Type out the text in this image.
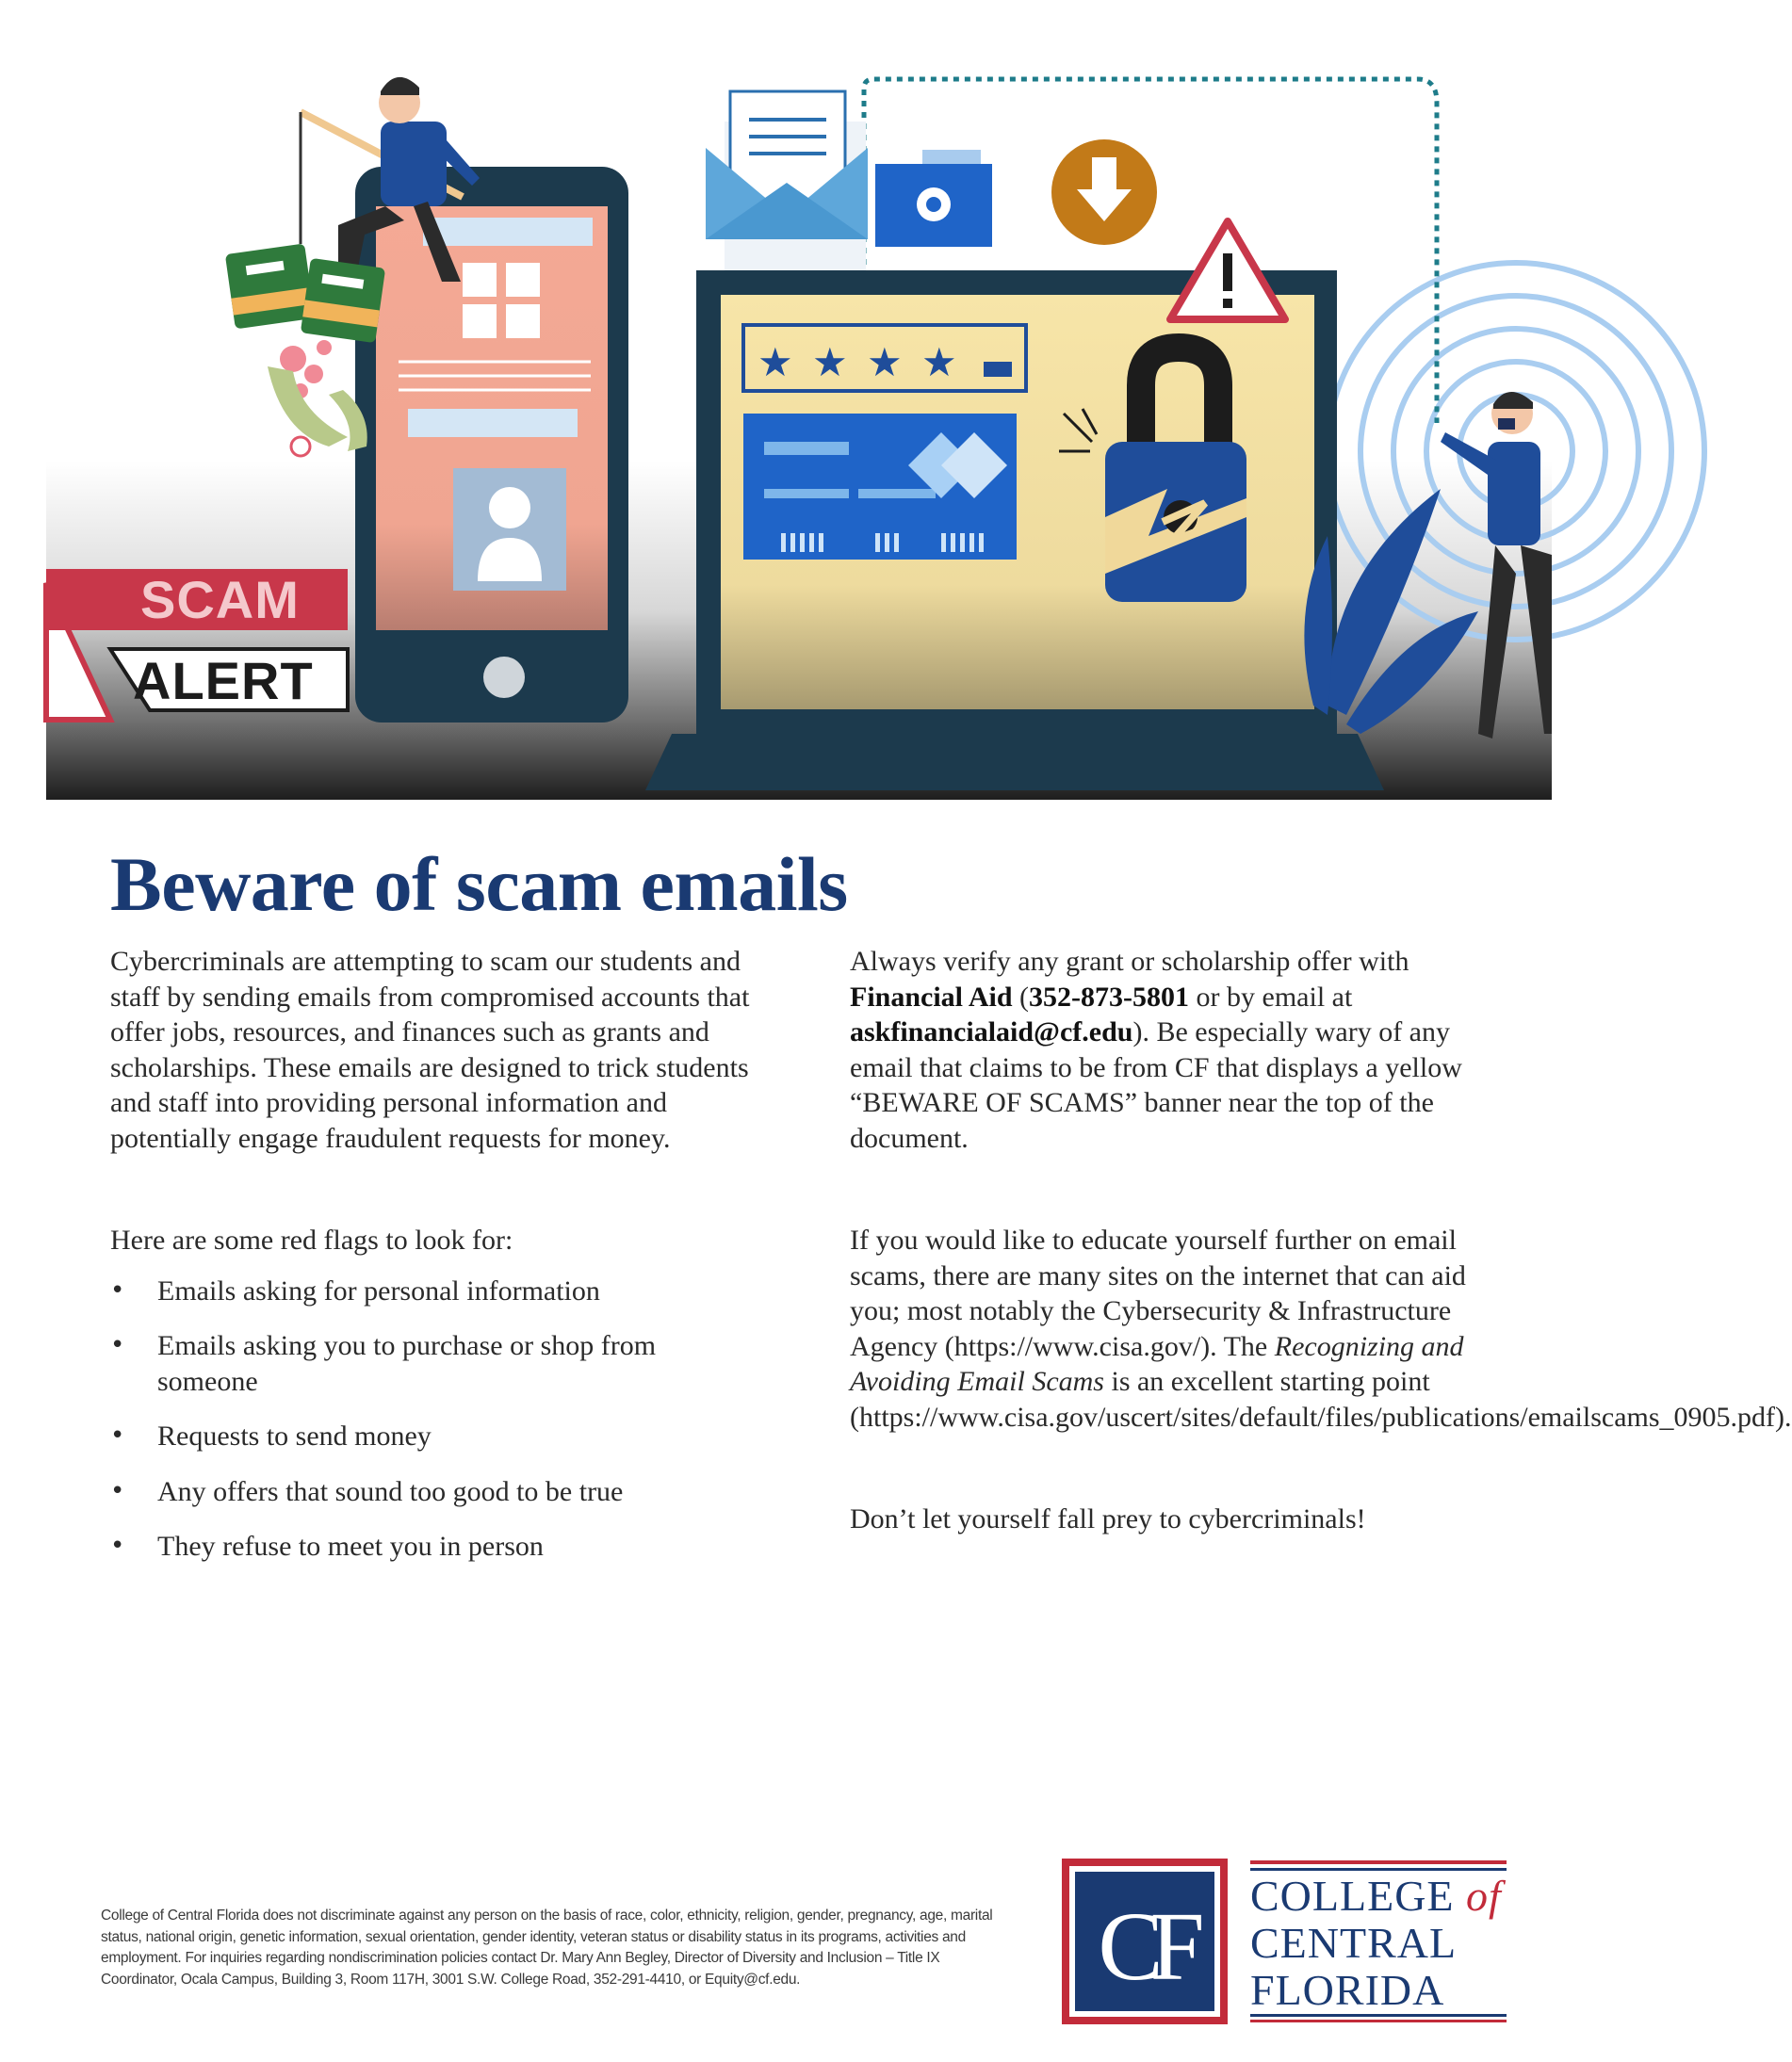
★ ★ ★ ★
SCAM
ALERT
Beware of scam emails

Cybercriminals are attempting to scam our students and staff by sending emails from compromised accounts that offer jobs, resources, and finances such as grants and scholarships. These emails are designed to trick students and staff into providing personal information and potentially engage fraudulent requests for money.

Here are some red flags to look for:

• Emails asking for personal information
• Emails asking you to purchase or shop from someone
• Requests to send money
• Any offers that sound too good to be true
• They refuse to meet you in person

Always verify any grant or scholarship offer with Financial Aid (352-873-5801 or by email at askfinancialaid@cf.edu). Be especially wary of any email that claims to be from CF that displays a yellow “BEWARE OF SCAMS” banner near the top of the document.

If you would like to educate yourself further on email scams, there are many sites on the internet that can aid you; most notably the Cybersecurity & Infrastructure Agency (https://www.cisa.gov/). The Recognizing and Avoiding Email Scams is an excellent starting point (https://www.cisa.gov/uscert/sites/default/files/publications/emailscams_0905.pdf).

Don’t let yourself fall prey to cybercriminals!

College of Central Florida does not discriminate against any person on the basis of race, color, ethnicity, religion, gender, pregnancy, age, marital status, national origin, genetic information, sexual orientation, gender identity, veteran status or disability status in its programs, activities and employment. For inquiries regarding nondiscrimination policies contact Dr. Mary Ann Begley, Director of Diversity and Inclusion – Title IX Coordinator, Ocala Campus, Building 3, Room 117H, 3001 S.W. College Road, 352-291-4410, or Equity@cf.edu.	CF COLLEGE of
CENTRAL
FLORIDA
